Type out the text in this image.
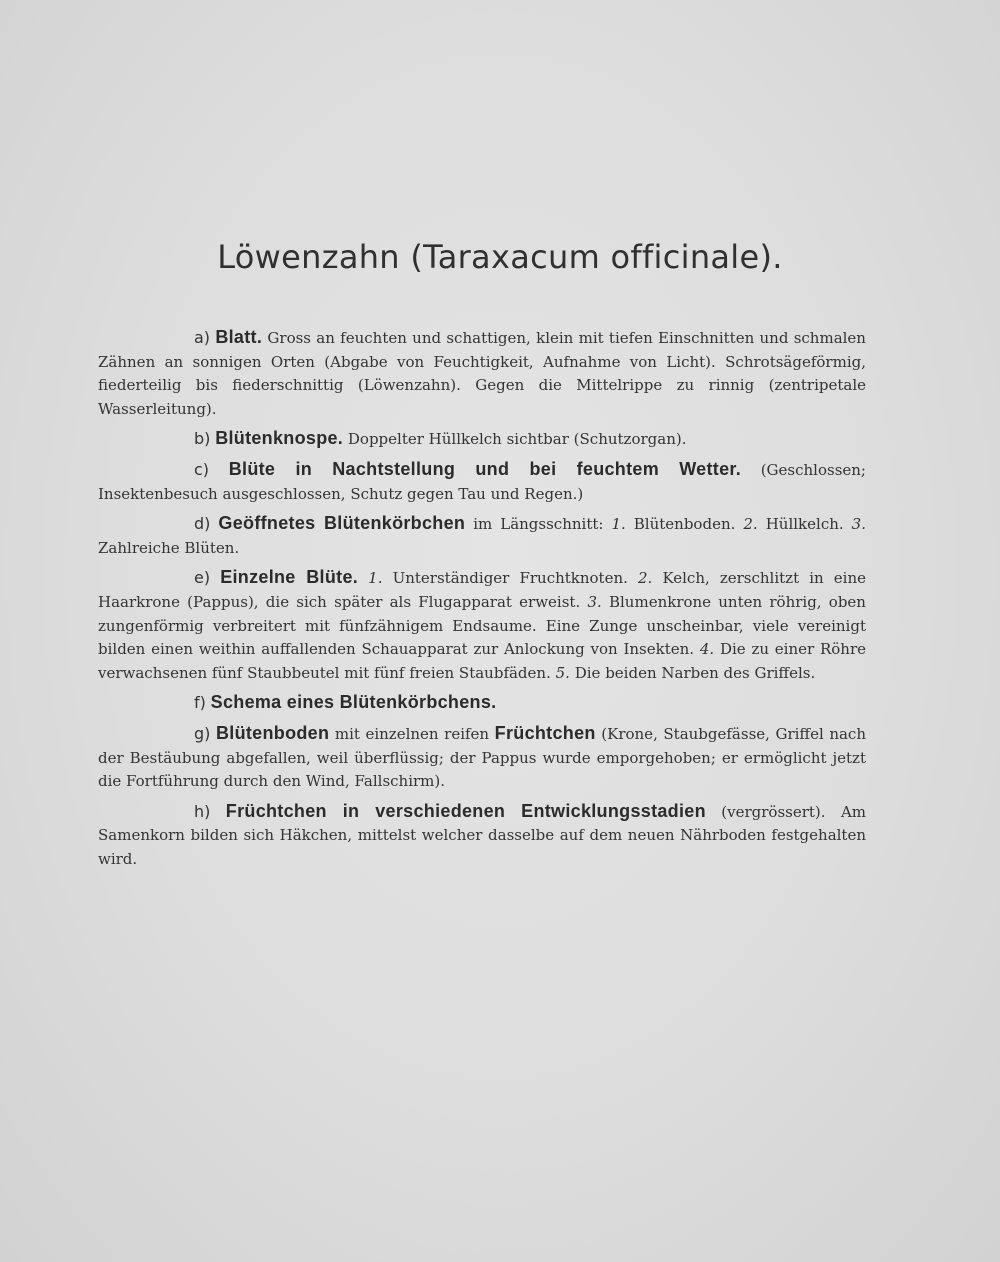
Löwenzahn (Taraxacum officinale).

a) Blatt. Gross an feuchten und schattigen, klein mit tiefen Einschnitten und schmalen Zähnen an sonnigen Orten (Abgabe von Feuchtigkeit, Aufnahme von Licht). Schrotsägeförmig, fiederteilig bis fiederschnittig (Löwenzahn). Gegen die Mittelrippe zu rinnig (zentripetale Wasserleitung).

b) Blütenknospe. Doppelter Hüllkelch sichtbar (Schutzorgan).

c) Blüte in Nachtstellung und bei feuchtem Wetter. (Geschlossen; Insektenbesuch ausgeschlossen, Schutz gegen Tau und Regen.)

d) Geöffnetes Blütenkörbchen im Längsschnitt: 1. Blütenboden. 2. Hüllkelch. 3. Zahlreiche Blüten.

e) Einzelne Blüte. 1. Unterständiger Fruchtknoten. 2. Kelch, zerschlitzt in eine Haarkrone (Pappus), die sich später als Flugapparat erweist. 3. Blumenkrone unten röhrig, oben zungenförmig verbreitert mit fünfzähnigem Endsaume. Eine Zunge unscheinbar, viele vereinigt bilden einen weithin auffallenden Schauapparat zur Anlockung von Insekten. 4. Die zu einer Röhre verwachsenen fünf Staubbeutel mit fünf freien Staubfäden. 5. Die beiden Narben des Griffels.

f) Schema eines Blütenkörbchens.

g) Blütenboden mit einzelnen reifen Früchtchen (Krone, Staubgefässe, Griffel nach der Bestäubung abgefallen, weil überflüssig; der Pappus wurde emporgehoben; er ermöglicht jetzt die Fortführung durch den Wind, Fallschirm).

h) Früchtchen in verschiedenen Entwicklungsstadien (vergrössert). Am Samenkorn bilden sich Häkchen, mittelst welcher dasselbe auf dem neuen Nährboden festgehalten wird.
